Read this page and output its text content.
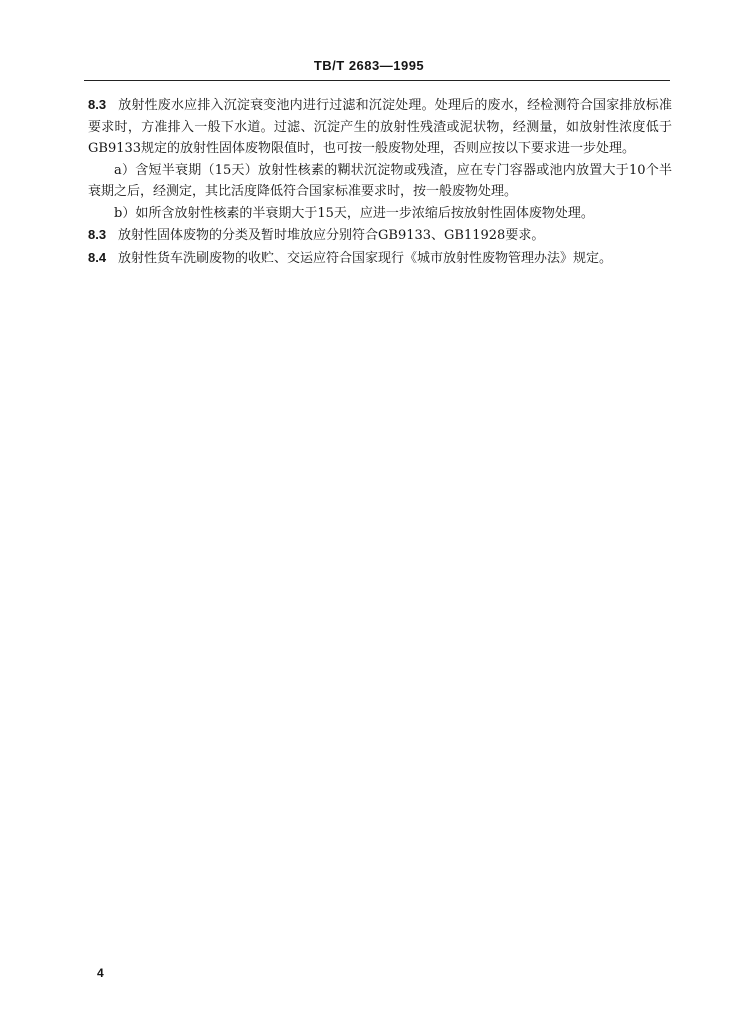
TB/T 2683—1995

8.3 放射性废水应排入沉淀衰变池内进行过滤和沉淀处理。处理后的废水，经检测符合国家排放标准要求时，方准排入一般下水道。过滤、沉淀产生的放射性残渣或泥状物，经测量，如放射性浓度低于GB9133规定的放射性固体废物限值时，也可按一般废物处理，否则应按以下要求进一步处理。

a）含短半衰期（15天）放射性核素的糊状沉淀物或残渣，应在专门容器或池内放置大于10个半衰期之后，经测定，其比活度降低符合国家标准要求时，按一般废物处理。

b）如所含放射性核素的半衰期大于15天，应进一步浓缩后按放射性固体废物处理。

8.3 放射性固体废物的分类及暂时堆放应分别符合GB9133、GB11928要求。

8.4 放射性货车洗刷废物的收贮、交运应符合国家现行《城市放射性废物管理办法》规定。

4
